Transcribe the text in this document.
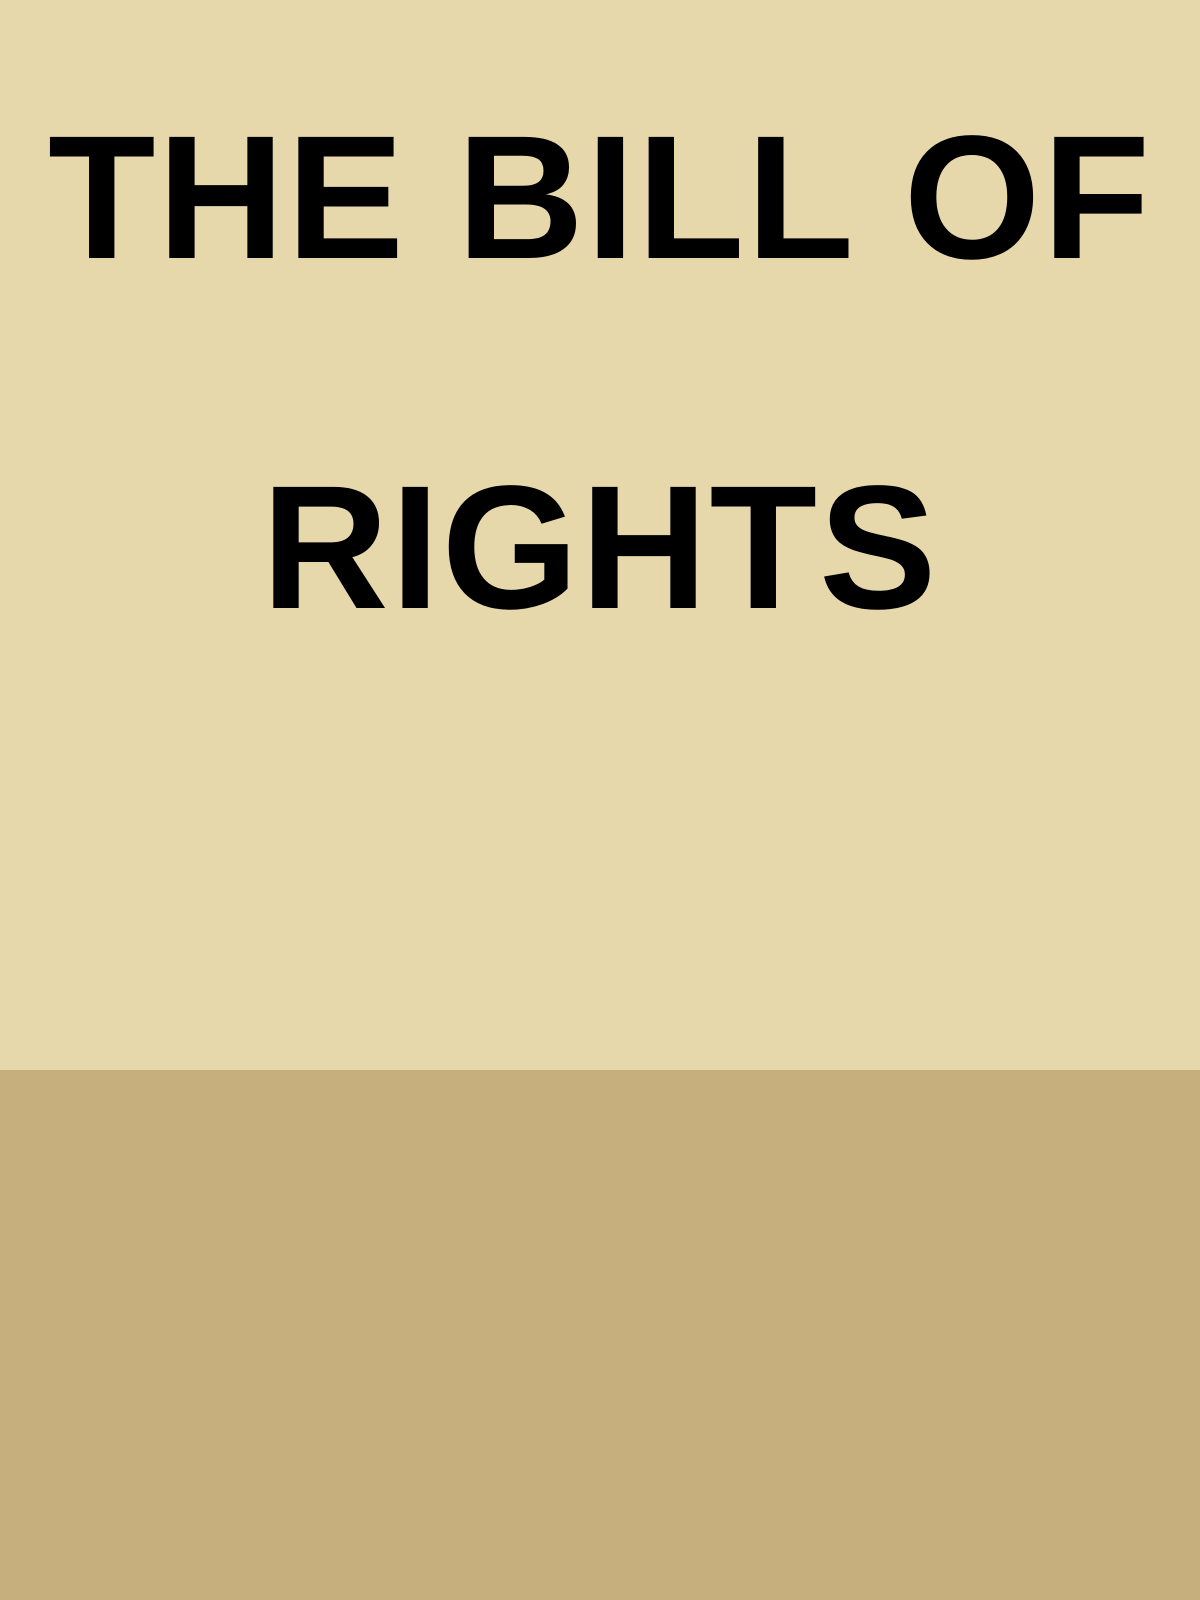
THE BILL OF
RIGHTS
